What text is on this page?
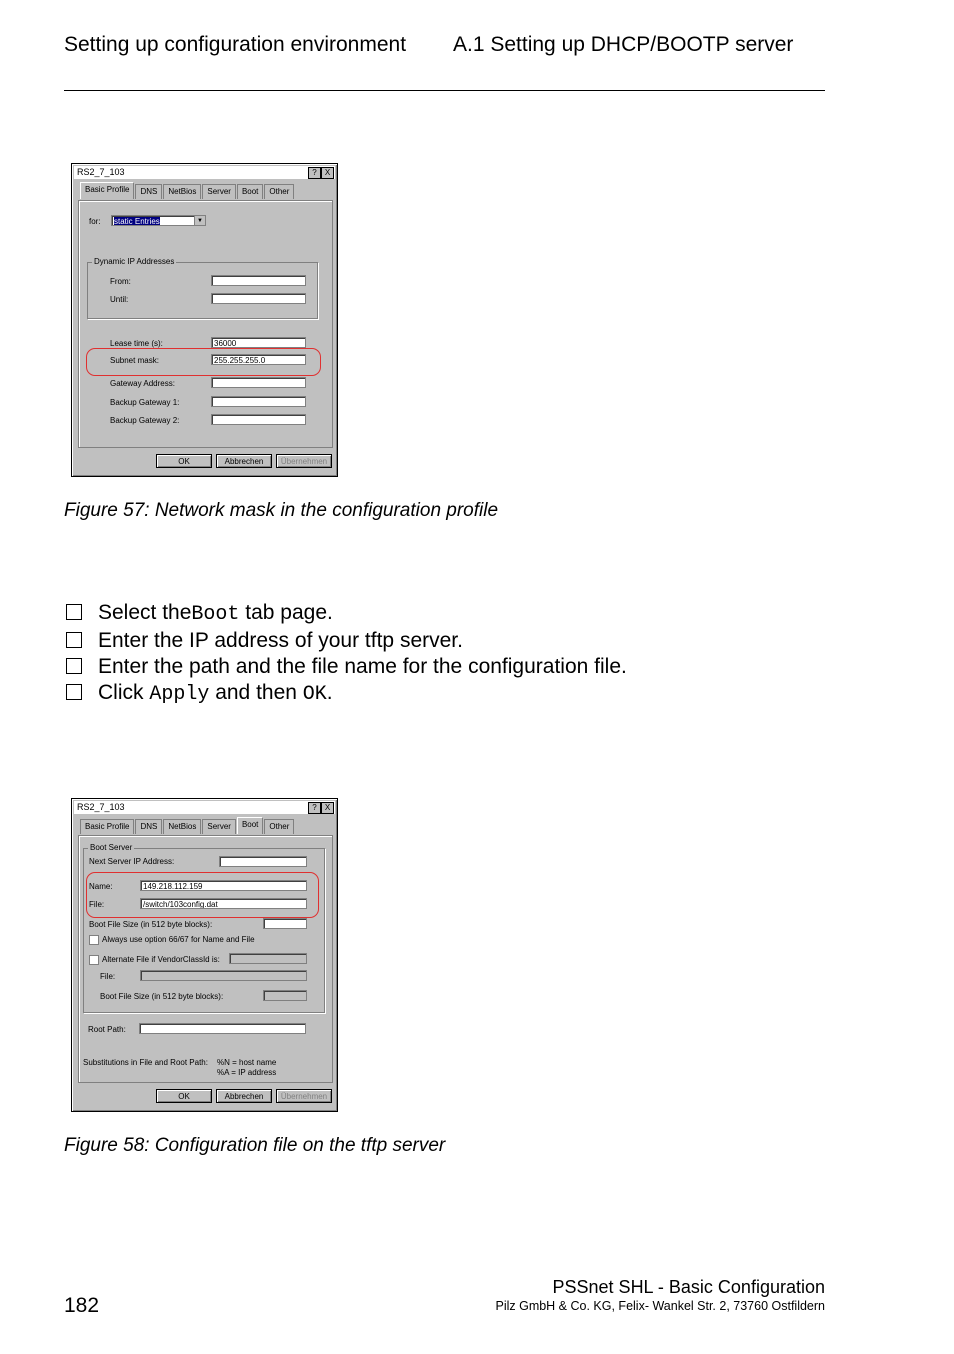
Setting up configuration environment A.1 Setting up DHCP/BOOTP server
RS2_7_103	?	X
Basic Profile	DNS	NetBios	Server	Boot	Other
for:	static Entries	▼
Dynamic IP Addresses
From:
Until:
Lease time (s):	36000
Subnet mask:	255.255.255.0
Gateway Address:
Backup Gateway 1:
Backup Gateway 2:
OK	Abbrechen	Übernehmen
Figure 57: Network mask in the configuration profile
Select the Boot tab page.
Enter the IP address of your tftp server.
Enter the path and the file name for the configuration file.
Click Apply and then OK .
RS2_7_103	?	X
Basic Profile	DNS	NetBios	Server	Boot	Other
Boot Server
Next Server IP Address:
Name:	149.218.112.159
File:	/switch/103config.dat
Boot File Size (in 512 byte blocks):
Always use option 66/67 for Name and File
Alternate File if VendorClassId is:
File:
Boot File Size (in 512 byte blocks):
Root Path:
Substitutions in File and Root Path: %N = host name
%A = IP address
OK	Abbrechen	Übernehmen
Figure 58: Configuration file on the tftp server
182
PSSnet SHL - Basic Configuration
Pilz GmbH & Co. KG, Felix- Wankel Str. 2, 73760 Ostfildern
